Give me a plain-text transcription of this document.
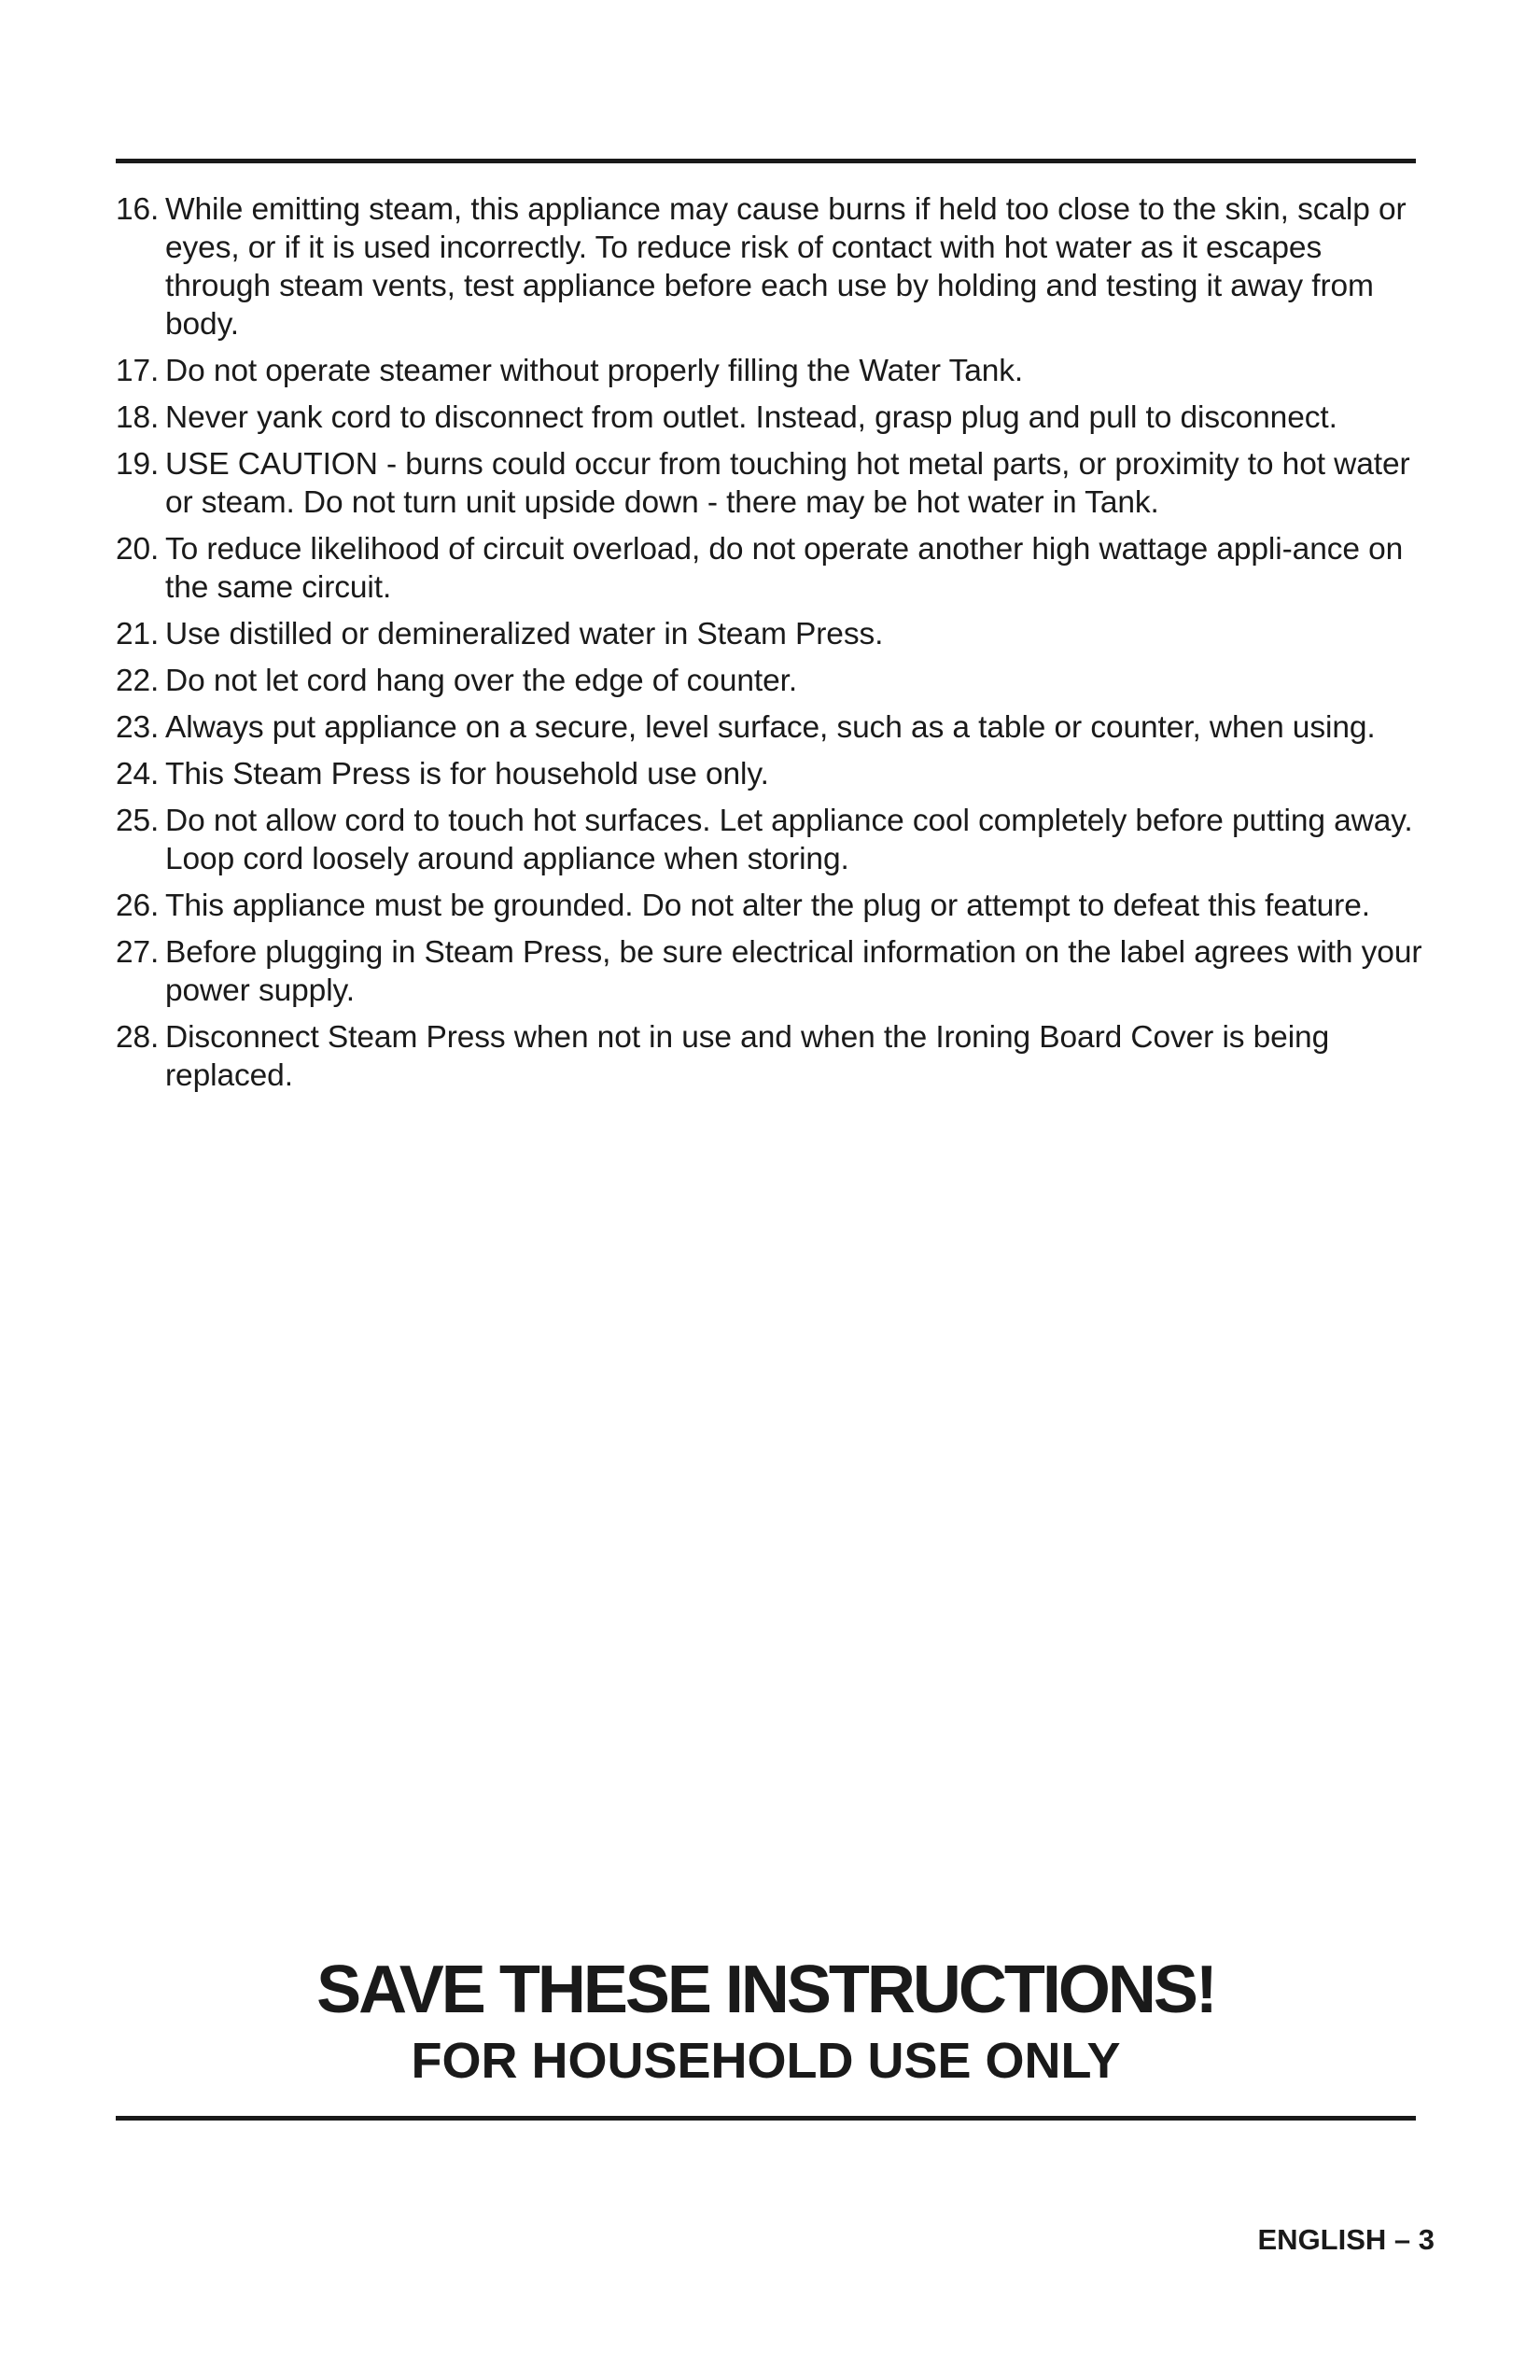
16. While emitting steam, this appliance may cause burns if held too close to the skin, scalp or eyes, or if it is used incorrectly. To reduce risk of contact with hot water as it escapes through steam vents, test appliance before each use by holding and testing it away from body.
17. Do not operate steamer without properly filling the Water Tank.
18. Never yank cord to disconnect from outlet. Instead, grasp plug and pull to disconnect.
19. USE CAUTION - burns could occur from touching hot metal parts, or proximity to hot water or steam. Do not turn unit upside down - there may be hot water in Tank.
20. To reduce likelihood of circuit overload, do not operate another high wattage appli-ance on the same circuit.
21. Use distilled or demineralized water in Steam Press.
22. Do not let cord hang over the edge of counter.
23. Always put appliance on a secure, level surface, such as a table or counter, when using.
24. This Steam Press is for household use only.
25. Do not allow cord to touch hot surfaces. Let appliance cool completely before putting away. Loop cord loosely around appliance when storing.
26. This appliance must be grounded. Do not alter the plug or attempt to defeat this feature.
27. Before plugging in Steam Press, be sure electrical information on the label agrees with your power supply.
28. Disconnect Steam Press when not in use and when the Ironing Board Cover is being replaced.
SAVE THESE INSTRUCTIONS!
FOR HOUSEHOLD USE ONLY
ENGLISH – 3
